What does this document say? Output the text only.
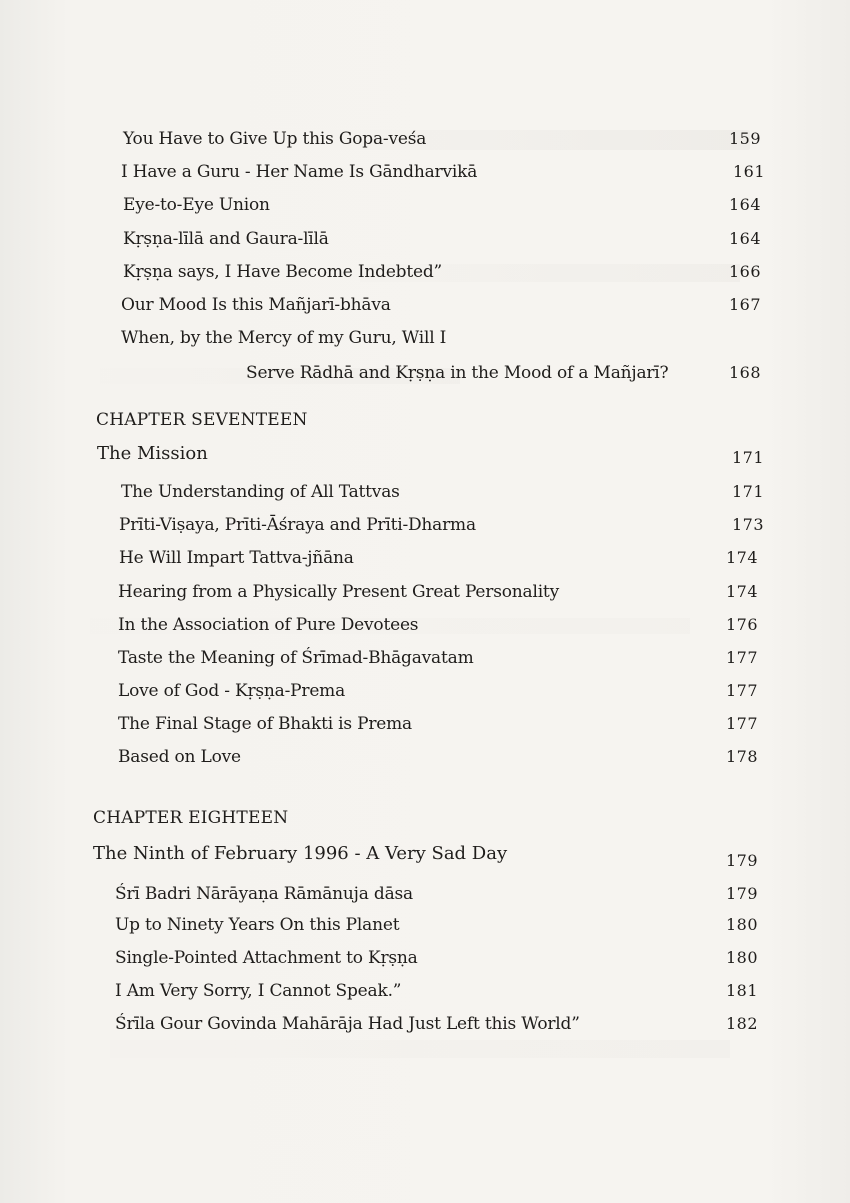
You Have to Give Up this Gopa-veśa	159
I Have a Guru - Her Name Is Gāndharvikā	161
Eye-to-Eye Union	164
Kṛṣṇa-līlā and Gaura-līlā	164
Kṛṣṇa says, I Have Become Indebted”	166
Our Mood Is this Mañjarī-bhāva	167
When, by the Mercy of my Guru, Will I
Serve Rādhā and Kṛṣṇa in the Mood of a Mañjarī?	168
CHAPTER SEVENTEEN
The Mission	171
The Understanding of All Tattvas	171
Prīti-Viṣaya, Prīti-Āśraya and Prīti-Dharma	173
He Will Impart Tattva-jñāna	174
Hearing from a Physically Present Great Personality	174
In the Association of Pure Devotees	176
Taste the Meaning of Śrīmad-Bhāgavatam	177
Love of God - Kṛṣṇa-Prema	177
The Final Stage of Bhakti is Prema	177
Based on Love	178
CHAPTER EIGHTEEN
The Ninth of February 1996 - A Very Sad Day	179
Śrī Badri Nārāyaṇa Rāmānuja dāsa	179
Up to Ninety Years On this Planet	180
Single-Pointed Attachment to Kṛṣṇa	180
I Am Very Sorry, I Cannot Speak.”	181
Śrīla Gour Govinda Mahārāja Had Just Left this World”	182
